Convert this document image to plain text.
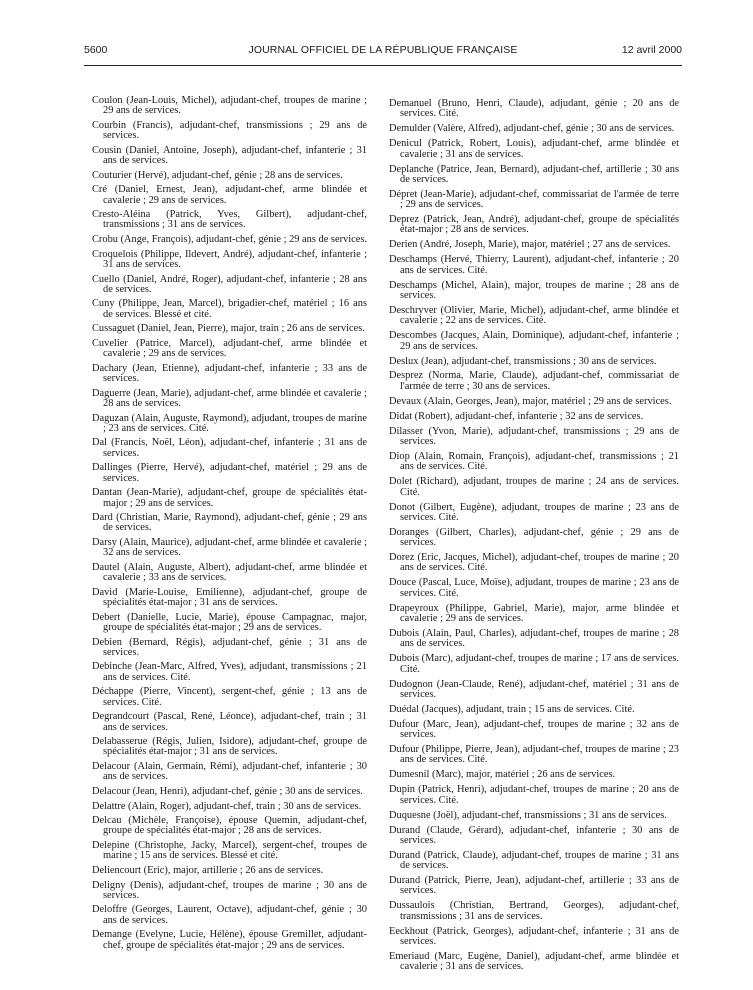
JOURNAL OFFICIEL DE LA RÉPUBLIQUE FRANÇAISE
5600	12 avril 2000

Coulon (Jean-Louis, Michel), adjudant-chef, troupes de marine ; 29 ans de services.

Courbin (Francis), adjudant-chef, transmissions ; 29 ans de services.

Cousin (Daniel, Antoine, Joseph), adjudant-chef, infanterie ; 31 ans de services.

Couturier (Hervé), adjudant-chef, génie ; 28 ans de services.

Cré (Daniel, Ernest, Jean), adjudant-chef, arme blindée et cavalerie ; 29 ans de services.

Cresto-Aléina (Patrick, Yves, Gilbert), adjudant-chef, transmissions ; 31 ans de services.

Crobu (Ange, François), adjudant-chef, génie ; 29 ans de services.

Croquelois (Philippe, Ildevert, André), adjudant-chef, infanterie ; 31 ans de services.

Cuello (Daniel, André, Roger), adjudant-chef, infanterie ; 28 ans de services.

Cuny (Philippe, Jean, Marcel), brigadier-chef, matériel ; 16 ans de services. Blessé et cité.

Cussaguet (Daniel, Jean, Pierre), major, train ; 26 ans de services.

Cuvelier (Patrice, Marcel), adjudant-chef, arme blindée et cavalerie ; 29 ans de services.

Dachary (Jean, Etienne), adjudant-chef, infanterie ; 33 ans de services.

Daguerre (Jean, Marie), adjudant-chef, arme blindée et cavalerie ; 28 ans de services.

Daguzan (Alain, Auguste, Raymond), adjudant, troupes de marine ; 23 ans de services. Cité.

Dal (Francis, Noël, Léon), adjudant-chef, infanterie ; 31 ans de services.

Dallinges (Pierre, Hervé), adjudant-chef, matériel ; 29 ans de services.

Dantan (Jean-Marie), adjudant-chef, groupe de spécialités état-major ; 29 ans de services.

Dard (Christian, Marie, Raymond), adjudant-chef, génie ; 29 ans de services.

Darsy (Alain, Maurice), adjudant-chef, arme blindée et cavalerie ; 32 ans de services.

Dautel (Alain, Auguste, Albert), adjudant-chef, arme blindée et cavalerie ; 33 ans de services.

David (Marie-Louise, Emilienne), adjudant-chef, groupe de spécialités état-major ; 31 ans de services.

Debert (Danielle, Lucie, Marie), épouse Campagnac, major, groupe de spécialités état-major ; 29 ans de services.

Debien (Bernard, Régis), adjudant-chef, génie ; 31 ans de services.

Debinche (Jean-Marc, Alfred, Yves), adjudant, transmissions ; 21 ans de services. Cité.

Déchappe (Pierre, Vincent), sergent-chef, génie ; 13 ans de services. Cité.

Degrandcourt (Pascal, René, Léonce), adjudant-chef, train ; 31 ans de services.

Delabasserue (Régis, Julien, Isidore), adjudant-chef, groupe de spécialités état-major ; 31 ans de services.

Delacour (Alain, Germain, Rémi), adjudant-chef, infanterie ; 30 ans de services.

Delacour (Jean, Henri), adjudant-chef, génie ; 30 ans de services.

Delattre (Alain, Roger), adjudant-chef, train ; 30 ans de services.

Delcau (Michèle, Françoise), épouse Quemin, adjudant-chef, groupe de spécialités état-major ; 28 ans de services.

Delepine (Christophe, Jacky, Marcel), sergent-chef, troupes de marine ; 15 ans de services. Blessé et cité.

Deliencourt (Eric), major, artillerie ; 26 ans de services.

Deligny (Denis), adjudant-chef, troupes de marine ; 30 ans de services.

Deloffre (Georges, Laurent, Octave), adjudant-chef, génie ; 30 ans de services.

Demange (Evelyne, Lucie, Hélène), épouse Gremillet, adjudant-chef, groupe de spécialités état-major ; 29 ans de services.

Demanuel (Bruno, Henri, Claude), adjudant, génie ; 20 ans de services. Cité.

Demulder (Valère, Alfred), adjudant-chef, génie ; 30 ans de services.

Denicul (Patrick, Robert, Louis), adjudant-chef, arme blindée et cavalerie ; 31 ans de services.

Deplanche (Patrice, Jean, Bernard), adjudant-chef, artillerie ; 30 ans de services.

Dépret (Jean-Marie), adjudant-chef, commissariat de l'armée de terre ; 29 ans de services.

Deprez (Patrick, Jean, André), adjudant-chef, groupe de spécialités état-major ; 28 ans de services.

Derien (André, Joseph, Marie), major, matériel ; 27 ans de services.

Deschamps (Hervé, Thierry, Laurent), adjudant-chef, infanterie ; 20 ans de services. Cité.

Deschamps (Michel, Alain), major, troupes de marine ; 28 ans de services.

Deschryver (Olivier, Marie, Michel), adjudant-chef, arme blindée et cavalerie ; 22 ans de services. Cité.

Descombes (Jacques, Alain, Dominique), adjudant-chef, infanterie ; 29 ans de services.

Deslux (Jean), adjudant-chef, transmissions ; 30 ans de services.

Desprez (Norma, Marie, Claude), adjudant-chef, commissariat de l'armée de terre ; 30 ans de services.

Devaux (Alain, Georges, Jean), major, matériel ; 29 ans de services.

Didat (Robert), adjudant-chef, infanterie ; 32 ans de services.

Dilasser (Yvon, Marie), adjudant-chef, transmissions ; 29 ans de services.

Diop (Alain, Romain, François), adjudant-chef, transmissions ; 21 ans de services. Cité.

Dolet (Richard), adjudant, troupes de marine ; 24 ans de services. Cité.

Donot (Gilbert, Eugène), adjudant, troupes de marine ; 23 ans de services. Cité.

Doranges (Gilbert, Charles), adjudant-chef, génie ; 29 ans de services.

Dorez (Eric, Jacques, Michel), adjudant-chef, troupes de marine ; 20 ans de services. Cité.

Douce (Pascal, Luce, Moïse), adjudant, troupes de marine ; 23 ans de services. Cité.

Drapeyroux (Philippe, Gabriel, Marie), major, arme blindée et cavalerie ; 29 ans de services.

Dubois (Alain, Paul, Charles), adjudant-chef, troupes de marine ; 28 ans de services.

Dubois (Marc), adjudant-chef, troupes de marine ; 17 ans de services. Cité.

Dudognon (Jean-Claude, René), adjudant-chef, matériel ; 31 ans de services.

Duédal (Jacques), adjudant, train ; 15 ans de services. Cité.

Dufour (Marc, Jean), adjudant-chef, troupes de marine ; 32 ans de services.

Dufour (Philippe, Pierre, Jean), adjudant-chef, troupes de marine ; 23 ans de services. Cité.

Dumesnil (Marc), major, matériel ; 26 ans de services.

Dupin (Patrick, Henri), adjudant-chef, troupes de marine ; 20 ans de services. Cité.

Duquesne (Joël), adjudant-chef, transmissions ; 31 ans de services.

Durand (Claude, Gérard), adjudant-chef, infanterie ; 30 ans de services.

Durand (Patrick, Claude), adjudant-chef, troupes de marine ; 31 ans de services.

Durand (Patrick, Pierre, Jean), adjudant-chef, artillerie ; 33 ans de services.

Dussaulois (Christian, Bertrand, Georges), adjudant-chef, transmissions ; 31 ans de services.

Eeckhout (Patrick, Georges), adjudant-chef, infanterie ; 31 ans de services.

Emeriaud (Marc, Eugène, Daniel), adjudant-chef, arme blindée et cavalerie ; 31 ans de services.
